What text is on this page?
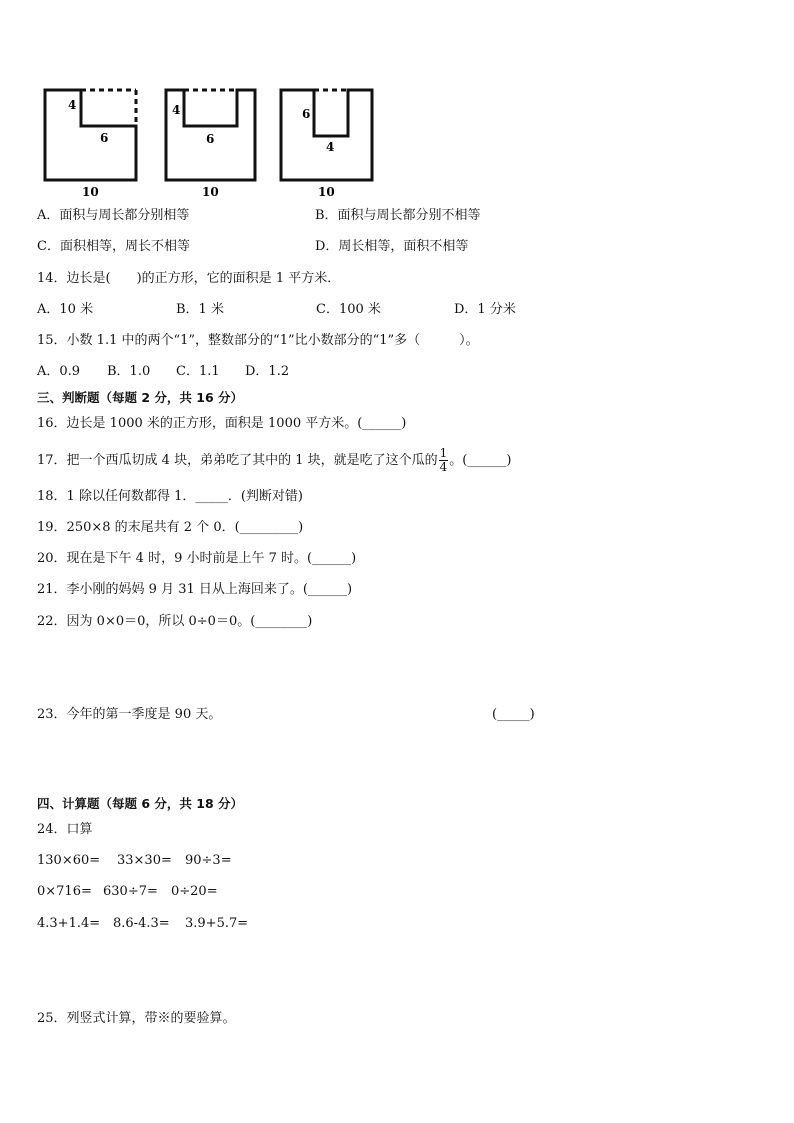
4
6
10
4
6
10
6
4
10
A．面积与周长都分别相等	B．面积与周长都分别不相等
C．面积相等，周长不相等	D．周长相等，面积不相等
14．边长是(　　)的正方形，它的面积是 1 平方米．
A．10 米	B．1 米	C．100 米	D．1 分米
15．小数 1.1 中的两个“1”，整数部分的“1”比小数部分的“1”多（　　　）。
A．0.9 B．1.0 C．1.1 D．1.2
三、判断题（每题 2 分，共 16 分）
16．边长是 1000 米的正方形，面积是 1000 平方米。(______)
17．把一个西瓜切成 4 块，弟弟吃了其中的 1 块，就是吃了这个瓜的 $\frac{1}{4}$ 。(______)
18．1 除以任何数都得 1．_____．(判断对错)
19．250×8 的末尾共有 2 个 0．(_________)
20．现在是下午 4 时，9 小时前是上午 7 时。(______)
21．李小刚的妈妈 9 月 31 日从上海回来了。(______)
22．因为 0×0＝0，所以 0÷0＝0。(________)
23．今年的第一季度是 90 天。	(_____)
四、计算题（每题 6 分，共 18 分）
24．口算
130×60= 33×30= 90÷3=
0×716= 630÷7= 0÷20=
4.3+1.4= 8.6-4.3= 3.9+5.7=
25．列竖式计算，带※的要验算。
